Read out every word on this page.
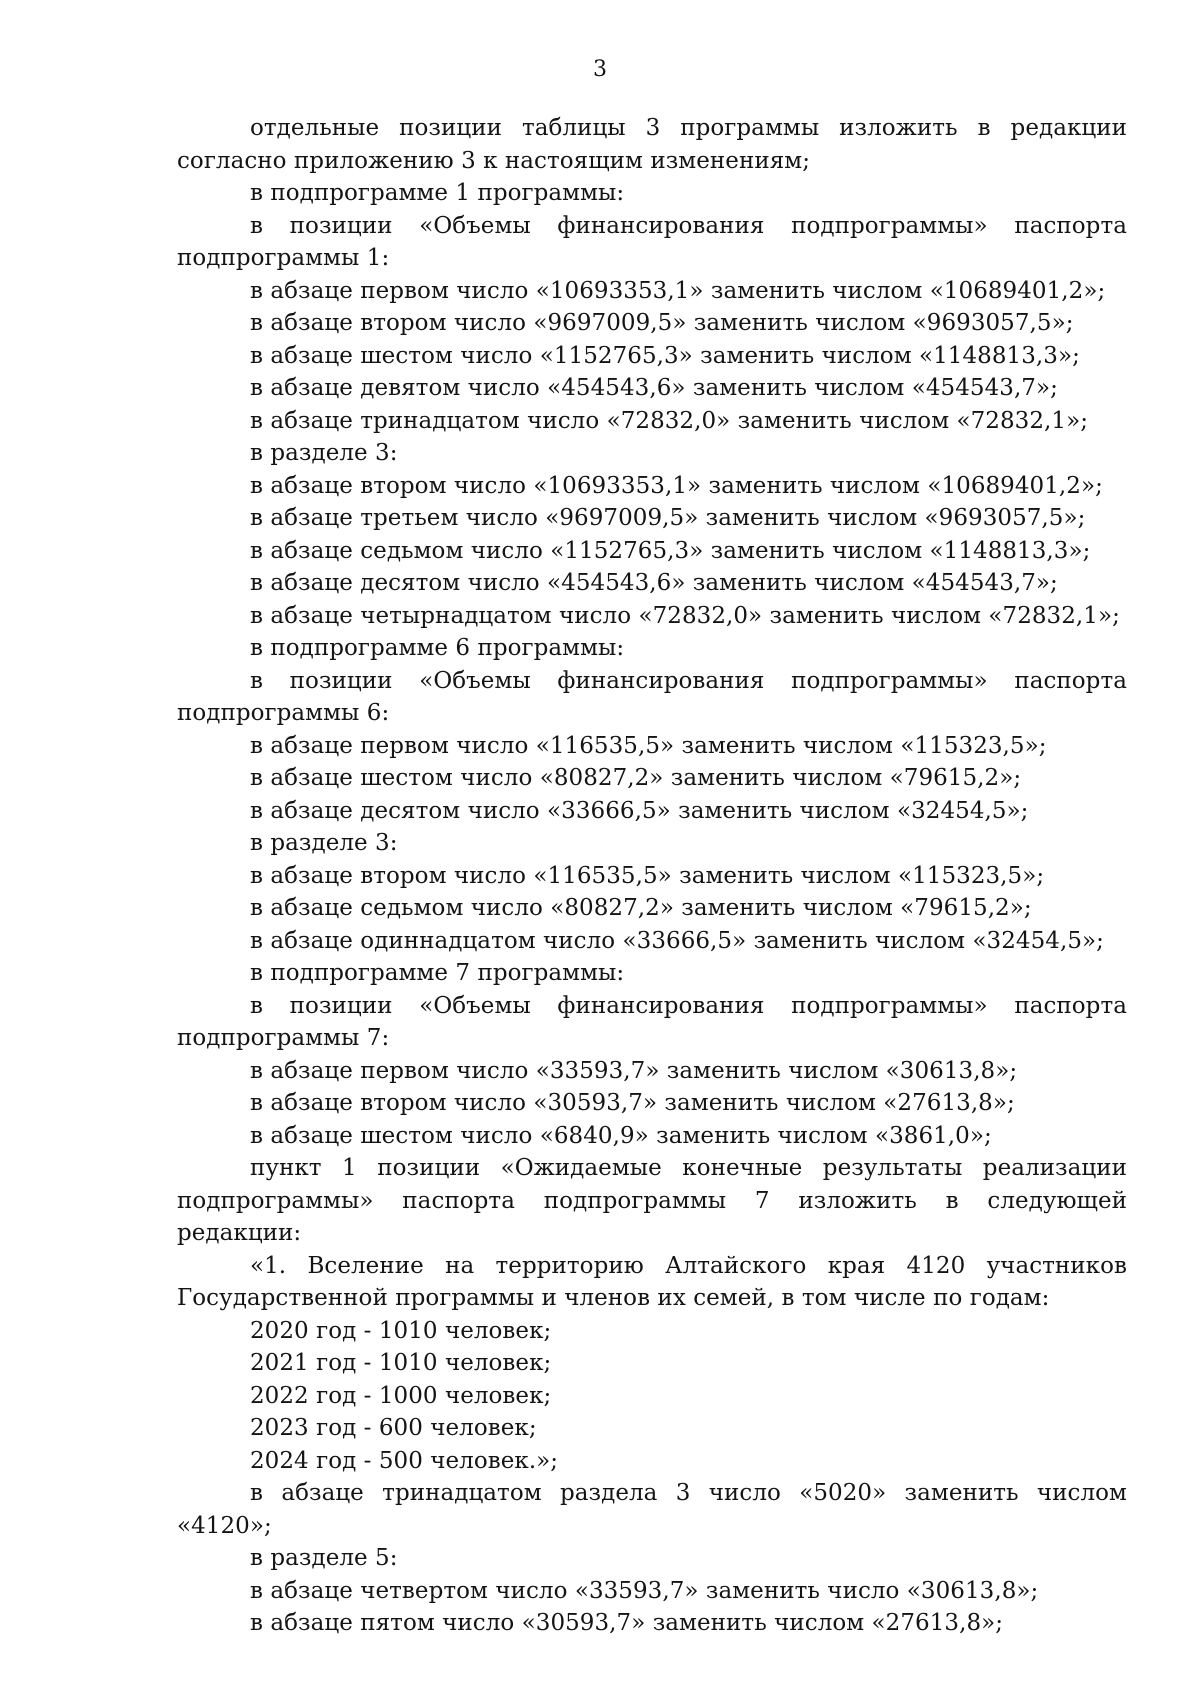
3

отдельные позиции таблицы 3 программы изложить в редакции согласно приложению 3 к настоящим изменениям;

в подпрограмме 1 программы:

в позиции «Объемы финансирования подпрограммы» паспорта подпрограммы 1:

в абзаце первом число «10693353,1» заменить числом «10689401,2»;

в абзаце втором число «9697009,5» заменить числом «9693057,5»;

в абзаце шестом число «1152765,3» заменить числом «1148813,3»;

в абзаце девятом число «454543,6» заменить числом «454543,7»;

в абзаце тринадцатом число «72832,0» заменить числом «72832,1»;

в разделе 3:

в абзаце втором число «10693353,1» заменить числом «10689401,2»;

в абзаце третьем число «9697009,5» заменить числом «9693057,5»;

в абзаце седьмом число «1152765,3» заменить числом «1148813,3»;

в абзаце десятом число «454543,6» заменить числом «454543,7»;

в абзаце четырнадцатом число «72832,0» заменить числом «72832,1»;

в подпрограмме 6 программы:

в позиции «Объемы финансирования подпрограммы» паспорта подпрограммы 6:

в абзаце первом число «116535,5» заменить числом «115323,5»;

в абзаце шестом число «80827,2» заменить числом «79615,2»;

в абзаце десятом число «33666,5» заменить числом «32454,5»;

в разделе 3:

в абзаце втором число «116535,5» заменить числом «115323,5»;

в абзаце седьмом число «80827,2» заменить числом «79615,2»;

в абзаце одиннадцатом число «33666,5» заменить числом «32454,5»;

в подпрограмме 7 программы:

в позиции «Объемы финансирования подпрограммы» паспорта подпрограммы 7:

в абзаце первом число «33593,7» заменить числом «30613,8»;

в абзаце втором число «30593,7» заменить числом «27613,8»;

в абзаце шестом число «6840,9» заменить числом «3861,0»;

пункт 1 позиции «Ожидаемые конечные результаты реализации подпрограммы» паспорта подпрограммы 7 изложить в следующей редакции:

«1. Вселение на территорию Алтайского края 4120 участников Государственной программы и членов их семей, в том числе по годам:

2020 год - 1010 человек;

2021 год - 1010 человек;

2022 год - 1000 человек;

2023 год - 600 человек;

2024 год - 500 человек.»;

в абзаце тринадцатом раздела 3 число «5020» заменить числом «4120»;

в разделе 5:

в абзаце четвертом число «33593,7» заменить число «30613,8»;

в абзаце пятом число «30593,7» заменить числом «27613,8»;
